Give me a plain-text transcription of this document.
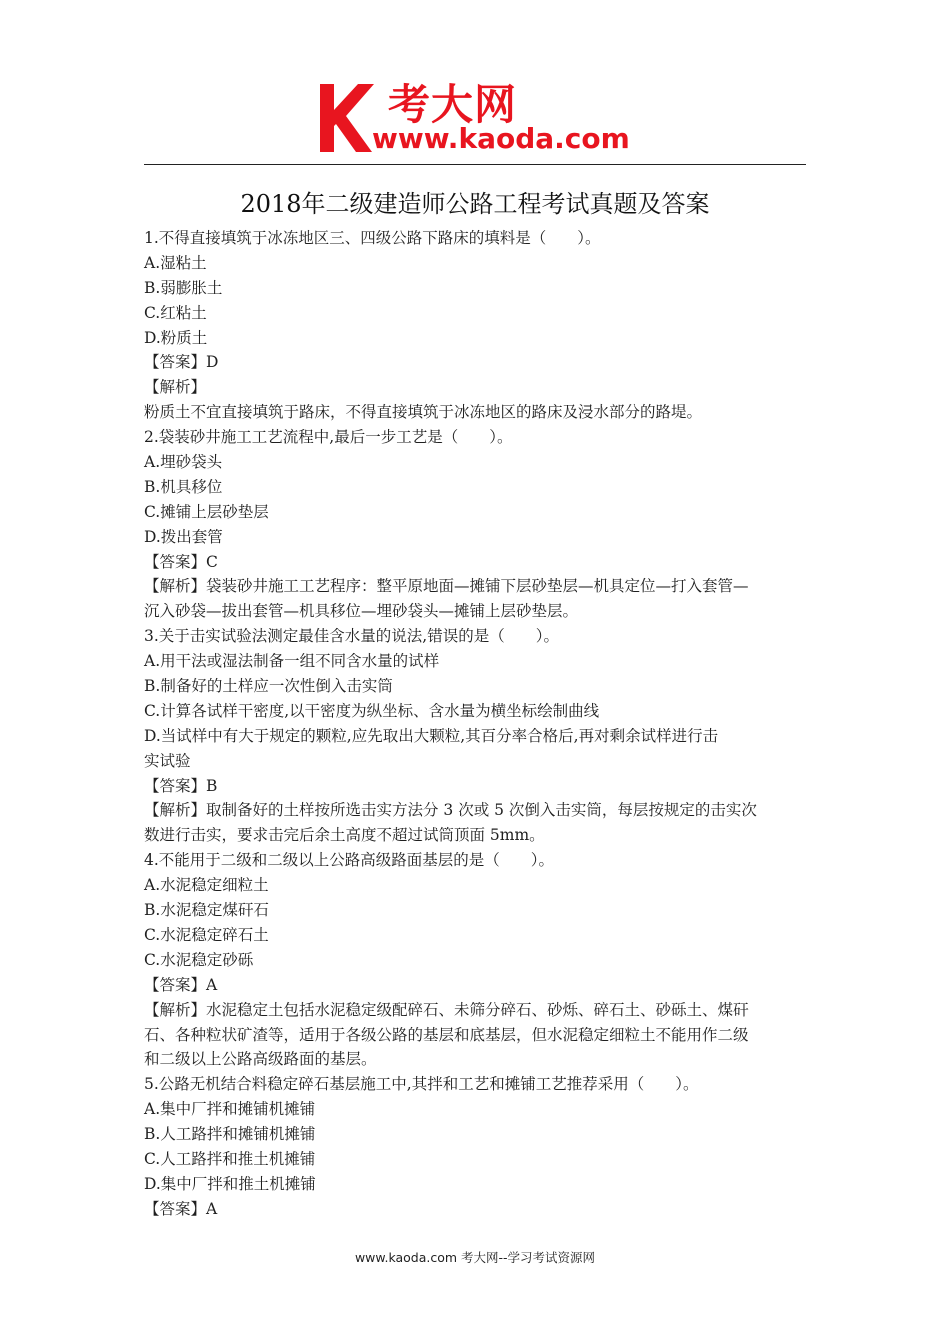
考大网
www.kaoda.com
2018年二级建造师公路工程考试真题及答案
1.不得直接填筑于冰冻地区三、四级公路下路床的填料是（　　）。
A.湿粘土
B.弱膨胀土
C.红粘土
D.粉质土
【答案】D
【解析】
粉质土不宜直接填筑于路床，不得直接填筑于冰冻地区的路床及浸水部分的路堤。
2.袋装砂井施工工艺流程中,最后一步工艺是（　　）。
A.埋砂袋头
B.机具移位
C.摊铺上层砂垫层
D.拨出套管
【答案】C
【解析】袋装砂井施工工艺程序：整平原地面—摊铺下层砂垫层—机具定位—打入套管—
沉入砂袋—拔出套管—机具移位—埋砂袋头—摊铺上层砂垫层。
3.关于击实试验法测定最佳含水量的说法,错误的是（　　）。
A.用干法或湿法制备一组不同含水量的试样
B.制备好的土样应一次性倒入击实筒
C.计算各试样干密度,以干密度为纵坐标、含水量为横坐标绘制曲线
D.当试样中有大于规定的颗粒,应先取出大颗粒,其百分率合格后,再对剩余试样进行击
实试验
【答案】B
【解析】取制备好的土样按所选击实方法分 3 次或 5 次倒入击实筒，每层按规定的击实次
数进行击实，要求击完后余土高度不超过试筒顶面 5mm。
4.不能用于二级和二级以上公路高级路面基层的是（　　）。
A.水泥稳定细粒土
B.水泥稳定煤矸石
C.水泥稳定碎石土
C.水泥稳定砂砾
【答案】A
【解析】水泥稳定土包括水泥稳定级配碎石、未筛分碎石、砂烁、碎石土、砂砾土、煤矸
石、各种粒状矿渣等，适用于各级公路的基层和底基层，但水泥稳定细粒土不能用作二级
和二级以上公路高级路面的基层。
5.公路无机结合料稳定碎石基层施工中,其拌和工艺和摊铺工艺推荐采用（　　）。
A.集中厂拌和摊铺机摊铺
B.人工路拌和摊铺机摊铺
C.人工路拌和推土机摊铺
D.集中厂拌和推土机摊铺
【答案】A
www.kaoda.com 考大网--学习考试资源网
